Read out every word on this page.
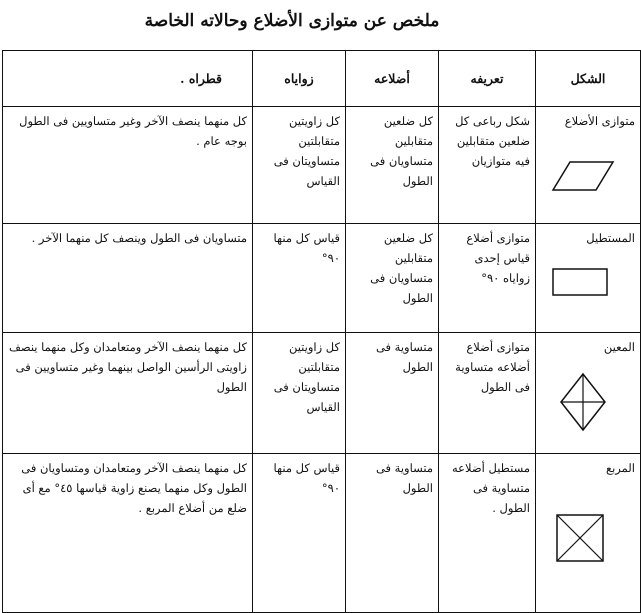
ملخص عن متوازى الأضلاع وحالاته الخاصة
الشكل	تعريفه	أضلاعه	زواياه	قطراه .

متوازى الأضلاع	شكل رباعى كل ضلعين متقابلين فيه متوازيان	كل ضلعين متقابلين متساويان فى الطول	كل زاويتين متقابلتين متساويتان فى القياس	كل منهما ينصف الآخر وغير متساويين فى الطول بوجه عام .

المستطيل	متوازى أضلاع قياس إحدى زواياه ٩٠°	كل ضلعين متقابلين متساويان فى الطول	قياس كل منها ٩٠°	متساويان فى الطول وينصف كل منهما الآخر .

المعين	متوازى أضلاع أضلاعه متساوية فى الطول	متساوية فى الطول	كل زاويتين متقابلتين متساويتان فى القياس	كل منهما ينصف الآخر ومتعامدان وكل منهما ينصف زاويتى الرأسين الواصل بينهما وغير متساويين فى الطول

المربع	مستطيل أضلاعه متساوية فى الطول .	متساوية فى الطول	قياس كل منها ٩٠°	كل منهما ينصف الآخر ومتعامدان ومتساويان فى الطول وكل منهما يصنع زاوية قياسها ٤٥° مع أى ضلع من أضلاع المربع .
